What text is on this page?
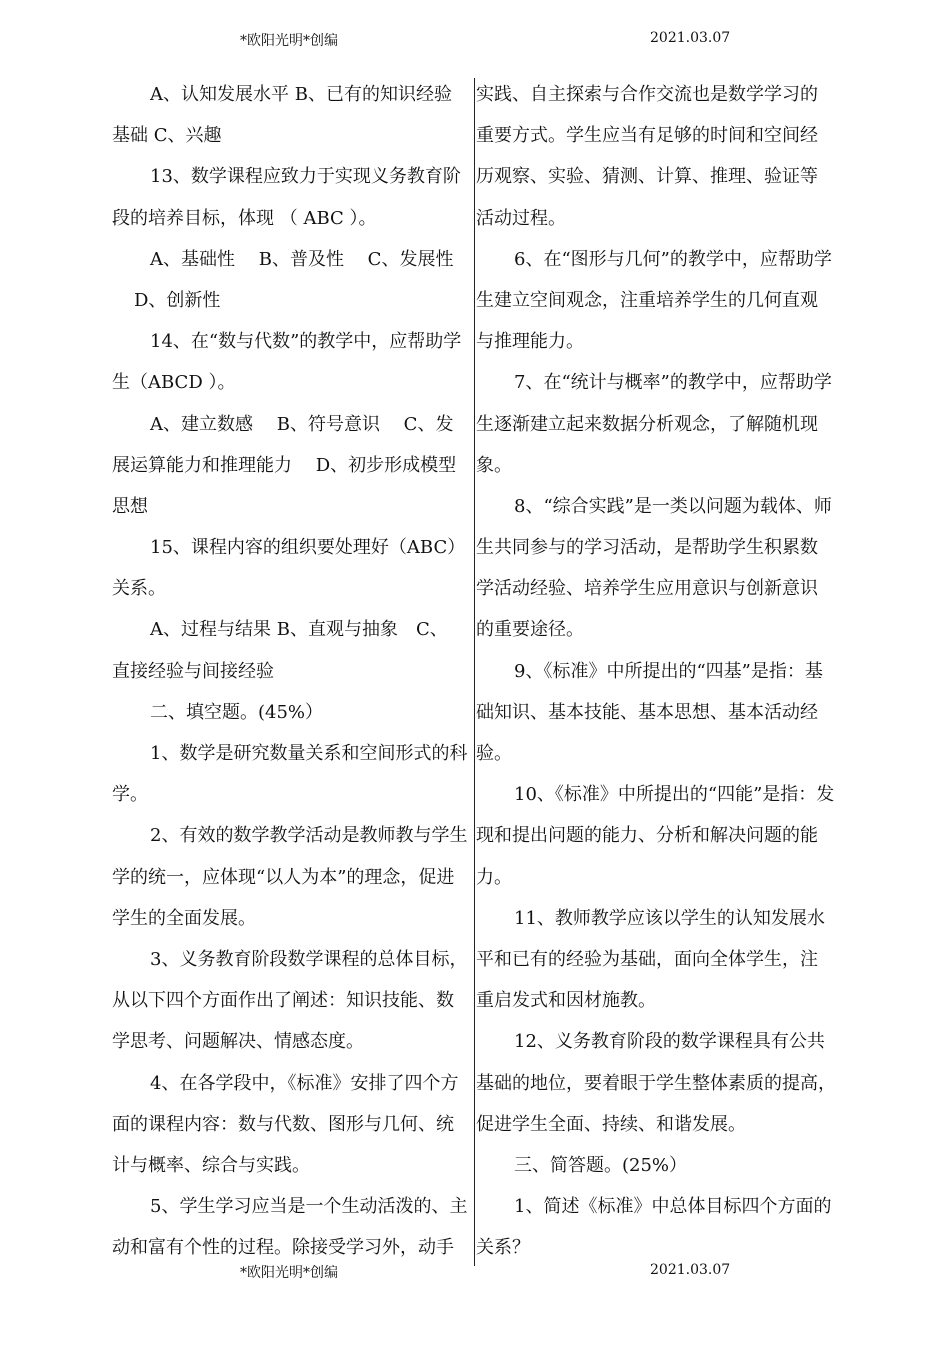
*欧阳光明*创编	2021.03.07
A、认知发展水平 B、已有的知识经验
基础 C、兴趣
13、数学课程应致力于实现义务教育阶
段的培养目标，体现 （ ABC ）。
A、基础性　 B、普及性　 C、发展性
D、创新性
14、在“数与代数”的教学中，应帮助学
生（ABCD ）。
A、建立数感　 B、符号意识　 C、发
展运算能力和推理能力　 D、初步形成模型
思想
15、课程内容的组织要处理好（ABC）
关系。
A、过程与结果 B、直观与抽象　C、
直接经验与间接经验
二、填空题。(45%）
1、数学是研究数量关系和空间形式的科
学。
2、有效的数学教学活动是教师教与学生
学的统一，应体现“以人为本”的理念，促进
学生的全面发展。
3、义务教育阶段数学课程的总体目标，
从以下四个方面作出了阐述：知识技能、数
学思考、问题解决、情感态度。
4、在各学段中，《标准》安排了四个方
面的课程内容：数与代数、图形与几何、统
计与概率、综合与实践。
5、学生学习应当是一个生动活泼的、主
动和富有个性的过程。除接受学习外，动手
实践、自主探索与合作交流也是数学学习的
重要方式。学生应当有足够的时间和空间经
历观察、实验、猜测、计算、推理、验证等
活动过程。
6、在“图形与几何”的教学中，应帮助学
生建立空间观念，注重培养学生的几何直观
与推理能力。
7、在“统计与概率”的教学中，应帮助学
生逐渐建立起来数据分析观念，了解随机现
象。
8、“综合实践”是一类以问题为载体、师
生共同参与的学习活动，是帮助学生积累数
学活动经验、培养学生应用意识与创新意识
的重要途径。
9、《标准》中所提出的“四基”是指：基
础知识、基本技能、基本思想、基本活动经
验。
10、《标准》中所提出的“四能”是指：发
现和提出问题的能力、分析和解决问题的能
力。
11、教师教学应该以学生的认知发展水
平和已有的经验为基础，面向全体学生，注
重启发式和因材施教。
12、义务教育阶段的数学课程具有公共
基础的地位，要着眼于学生整体素质的提高，
促进学生全面、持续、和谐发展。
三、简答题。(25%）
1、简述《标准》中总体目标四个方面的
关系？
*欧阳光明*创编	2021.03.07
